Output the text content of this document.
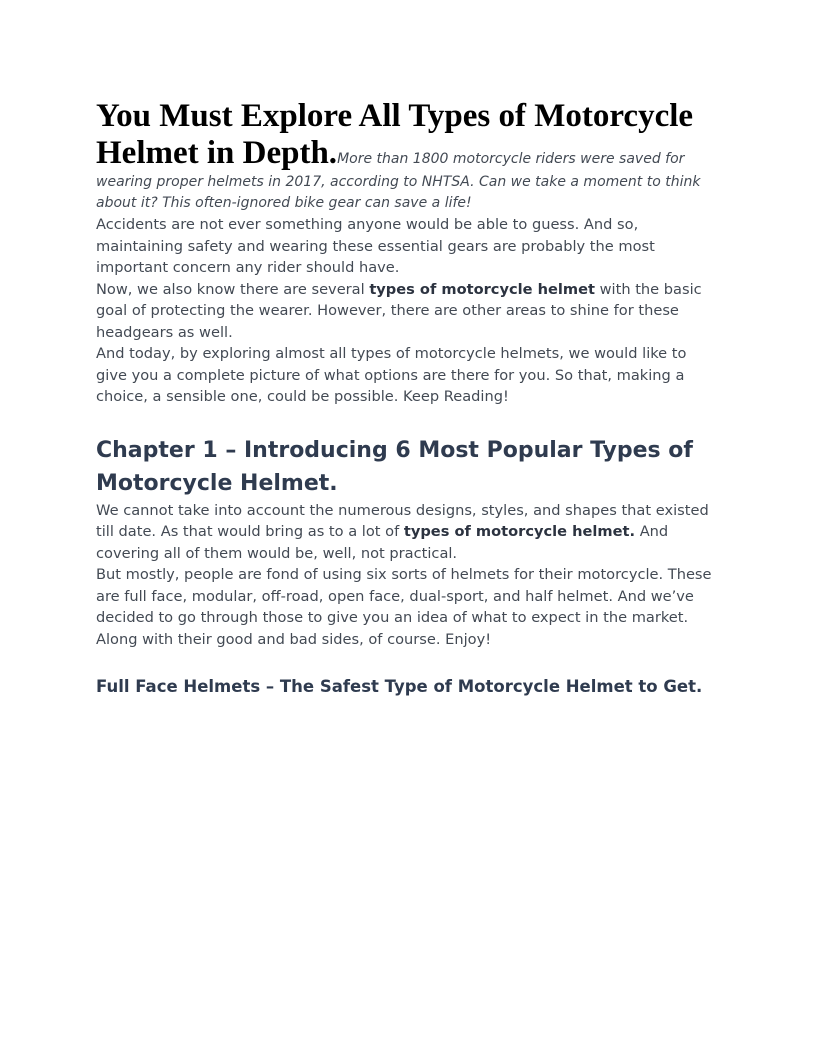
You Must Explore All Types of Motorcycle Helmet in Depth.More than 1800 motorcycle riders were saved for wearing proper helmets in 2017, according to NHTSA. Can we take a moment to think about it? This often-ignored bike gear can save a life!

Accidents are not ever something anyone would be able to guess. And so, maintaining safety and wearing these essential gears are probably the most important concern any rider should have.

Now, we also know there are several types of motorcycle helmet with the basic goal of protecting the wearer. However, there are other areas to shine for these headgears as well.

And today, by exploring almost all types of motorcycle helmets, we would like to give you a complete picture of what options are there for you. So that, making a choice, a sensible one, could be possible. Keep Reading!

Chapter 1 – Introducing 6 Most Popular Types of Motorcycle Helmet.

We cannot take into account the numerous designs, styles, and shapes that existed till date. As that would bring as to a lot of types of motorcycle helmet. And covering all of them would be, well, not practical.

But mostly, people are fond of using six sorts of helmets for their motorcycle. These are full face, modular, off-road, open face, dual-sport, and half helmet. And we’ve decided to go through those to give you an idea of what to expect in the market. Along with their good and bad sides, of course. Enjoy!

Full Face Helmets – The Safest Type of Motorcycle Helmet to Get.
